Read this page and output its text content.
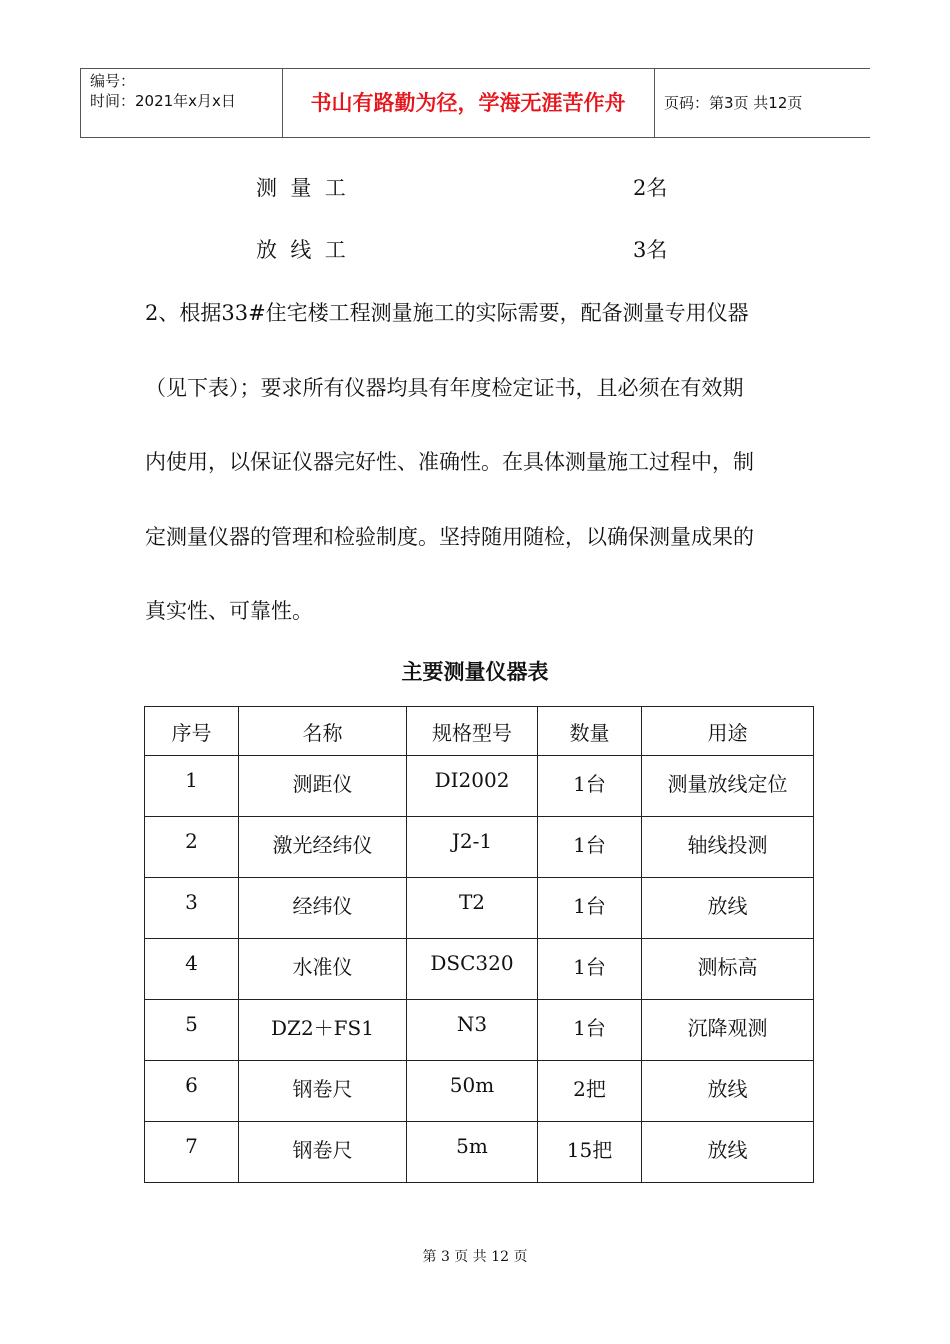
编号：
时间：2021年x月x日	书山有路勤为径，学海无涯苦作舟	页码：第3页 共12页
测  量  工	2名
放  线  工	3名

2、根据33#住宅楼工程测量施工的实际需要，配备测量专用仪器

（见下表）；要求所有仪器均具有年度检定证书，且必须在有效期

内使用，以保证仪器完好性、准确性。在具体测量施工过程中，制

定测量仪器的管理和检验制度。坚持随用随检，以确保测量成果的

真实性、可靠性。

主要测量仪器表
序号	名称	规格型号	数量	用途
1	测距仪	DI2002	1台	测量放线定位
2	激光经纬仪	J2-1	1台	轴线投测
3	经纬仪	T2	1台	放线
4	水准仪	DSC320	1台	测标高
5	DZ2＋FS1	N3	1台	沉降观测
6	钢卷尺	50m	2把	放线
7	钢卷尺	5m	15把	放线
第 3 页 共 12 页
